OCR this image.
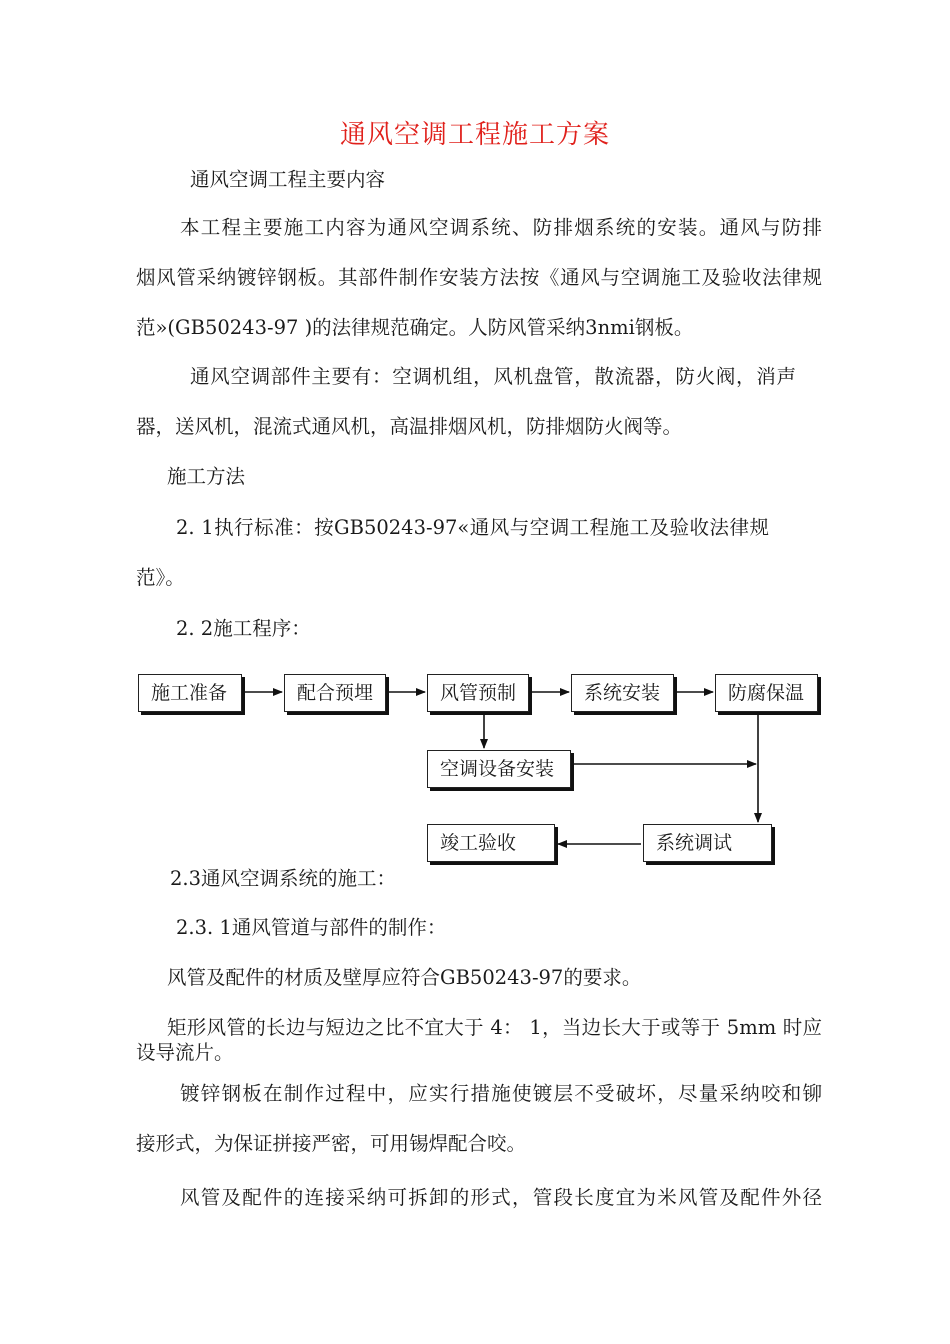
通风空调工程施工方案
通风空调工程主要内容
本工程主要施工内容为通风空调系统、防排烟系统的安装。通风与防排
烟风管采纳镀锌钢板。其部件制作安装方法按《通风与空调施工及验收法律规
范»(GB50243-97 )的法律规范确定。人防风管采纳3nmi钢板。
通风空调部件主要有：空调机组，风机盘管，散流器，防火阀，消声
器，送风机，混流式通风机，高温排烟风机，防排烟防火阀等。
施工方法
2. 1执行标准：按GB50243-97«通风与空调工程施工及验收法律规
范》。
2. 2施工程序：
施工准备	配合预埋	风管预制	系统安装	防腐保温
空调设备安装
系统调试
竣工验收
2.3通风空调系统的施工：
2.3. 1通风管道与部件的制作：
风管及配件的材质及壁厚应符合GB50243-97的要求。
矩形风管的长边与短边之比不宜大于 4： 1，当边长大于或等于 5mm 时应
设导流片。
镀锌钢板在制作过程中，应实行措施使镀层不受破坏，尽量采纳咬和铆
接形式，为保证拼接严密，可用锡焊配合咬。
风管及配件的连接采纳可拆卸的形式，管段长度宜为米风管及配件外径
